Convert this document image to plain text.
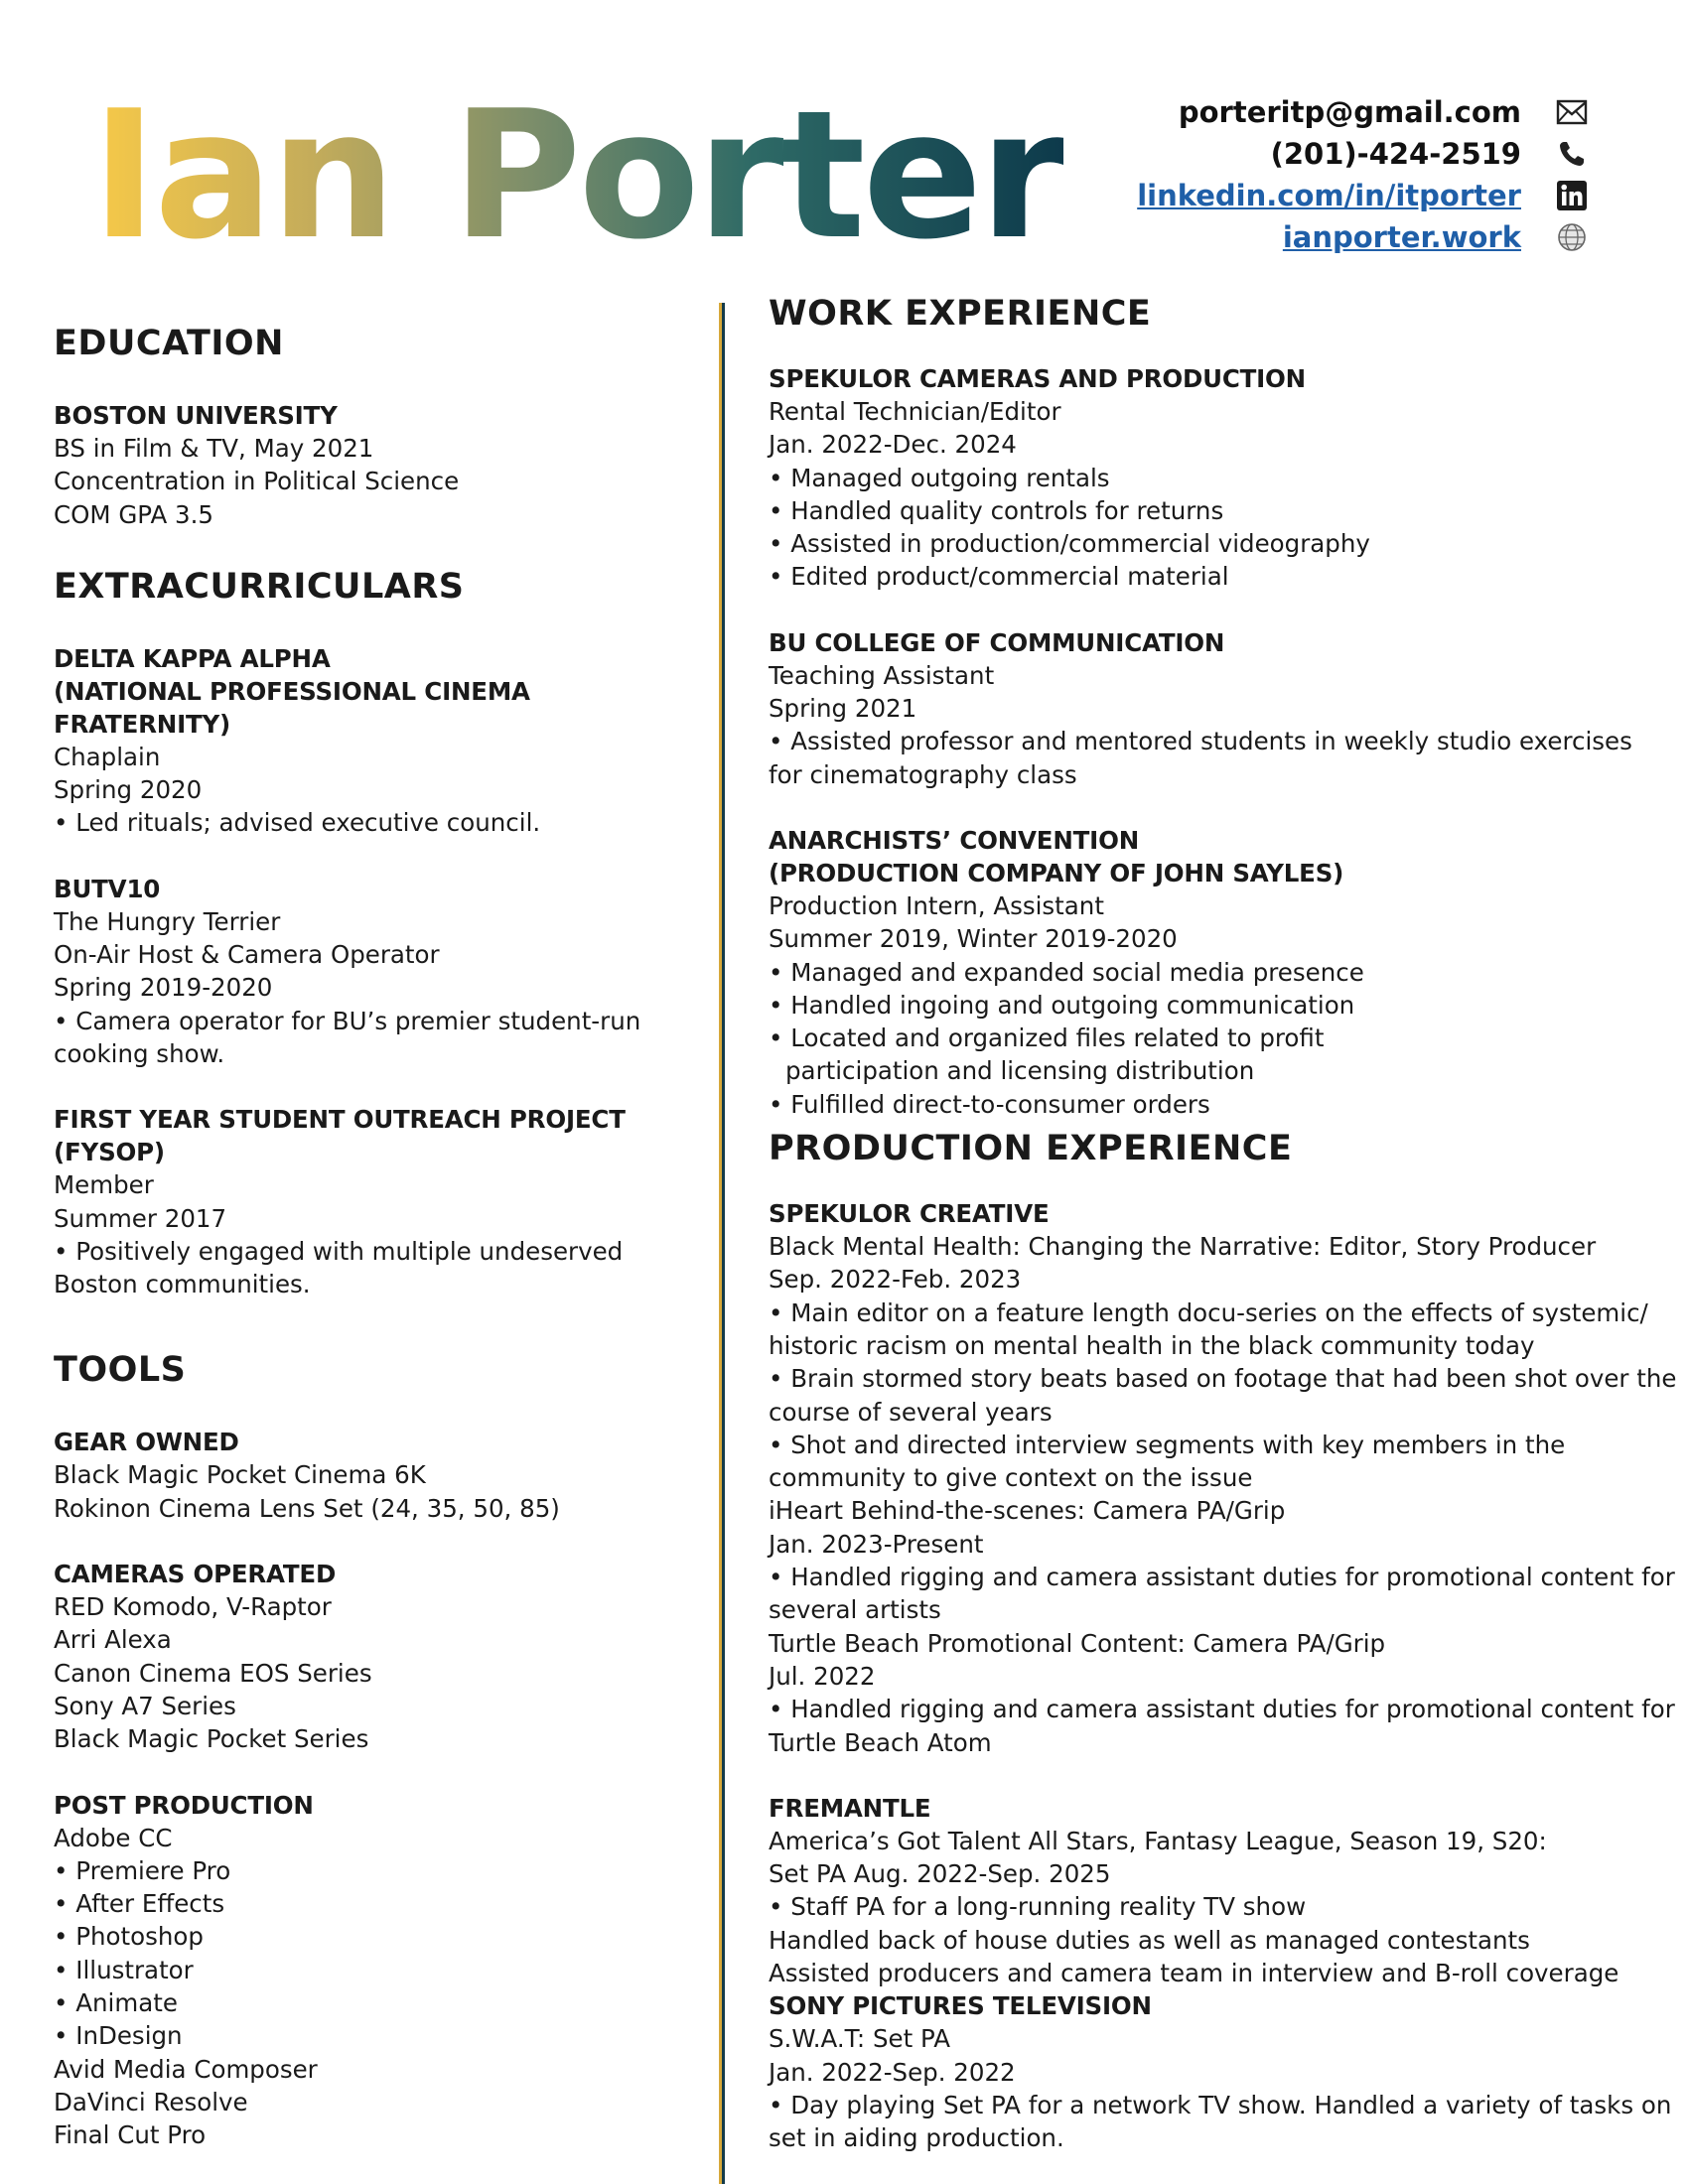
Ian Porter	porteritp@gmail.com
(201)-424-2519
linkedin.com/in/itporter
ianporter.work
EDUCATION
BOSTON UNIVERSITY
BS in Film & TV, May 2021
Concentration in Political Science
COM GPA 3.5
EXTRACURRICULARS
DELTA KAPPA ALPHA
(NATIONAL PROFESSIONAL CINEMA FRATERNITY)
Chaplain
Spring 2020
• Led rituals; advised executive council.
BUTV10
The Hungry Terrier
On-Air Host & Camera Operator
Spring 2019-2020
• Camera operator for BU’s premier student-run
cooking show.
FIRST YEAR STUDENT OUTREACH PROJECT (FYSOP)
Member
Summer 2017
• Positively engaged with multiple undeserved
Boston communities.
TOOLS
GEAR OWNED
Black Magic Pocket Cinema 6K
Rokinon Cinema Lens Set (24, 35, 50, 85)
CAMERAS OPERATED
RED Komodo, V-Raptor
Arri Alexa
Canon Cinema EOS Series
Sony A7 Series
Black Magic Pocket Series
POST PRODUCTION
Adobe CC
• Premiere Pro
• After Effects
• Photoshop
• Illustrator
• Animate
• InDesign
Avid Media Composer
DaVinci Resolve
Final Cut Pro
WORK EXPERIENCE
SPEKULOR CAMERAS AND PRODUCTION
Rental Technician/Editor
Jan. 2022-Dec. 2024
• Managed outgoing rentals
• Handled quality controls for returns
• Assisted in production/commercial videography
• Edited product/commercial material
BU COLLEGE OF COMMUNICATION
Teaching Assistant
Spring 2021
• Assisted professor and mentored students in weekly studio exercises
for cinematography class
ANARCHISTS’ CONVENTION
(PRODUCTION COMPANY OF JOHN SAYLES)
Production Intern, Assistant
Summer 2019, Winter 2019-2020
• Managed and expanded social media presence
• Handled ingoing and outgoing communication
• Located and organized files related to profit
participation and licensing distribution
• Fulfilled direct-to-consumer orders
PRODUCTION EXPERIENCE
SPEKULOR CREATIVE
Black Mental Health: Changing the Narrative: Editor, Story Producer
Sep. 2022-Feb. 2023
• Main editor on a feature length docu-series on the effects of systemic/
historic racism on mental health in the black community today
• Brain stormed story beats based on footage that had been shot over the
course of several years
• Shot and directed interview segments with key members in the
community to give context on the issue
iHeart Behind-the-scenes: Camera PA/Grip
Jan. 2023-Present
• Handled rigging and camera assistant duties for promotional content for
several artists
Turtle Beach Promotional Content: Camera PA/Grip
Jul. 2022
• Handled rigging and camera assistant duties for promotional content for
Turtle Beach Atom
FREMANTLE
America’s Got Talent All Stars, Fantasy League, Season 19, S20:
Set PA Aug. 2022-Sep. 2025
• Staff PA for a long-running reality TV show
Handled back of house duties as well as managed contestants
Assisted producers and camera team in interview and B-roll coverage
SONY PICTURES TELEVISION
S.W.A.T: Set PA
Jan. 2022-Sep. 2022
• Day playing Set PA for a network TV show. Handled a variety of tasks on
set in aiding production.
